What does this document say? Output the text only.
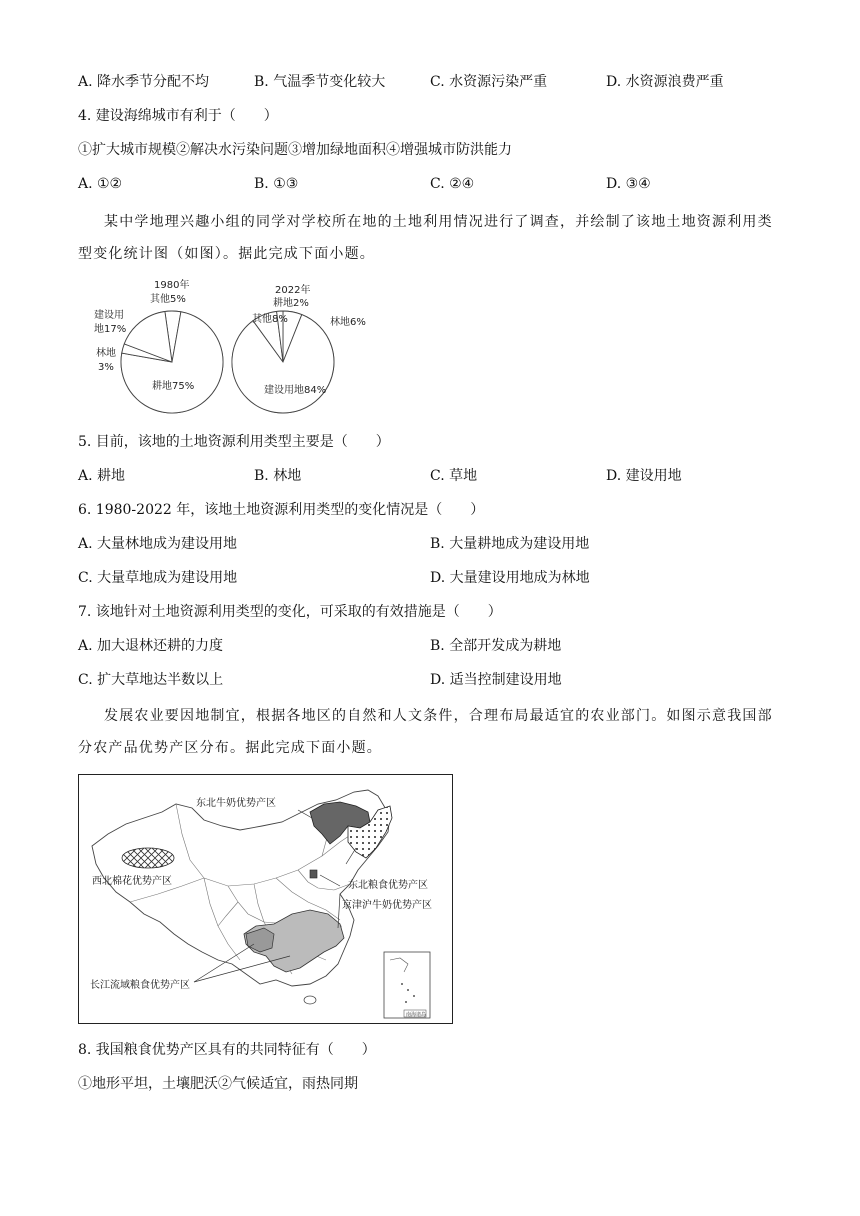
A. 降水季节分配不均	B. 气温季节变化较大	C. 水资源污染严重	D. 水资源浪费严重
4. 建设海绵城市有利于（　　）
①扩大城市规模②解决水污染问题③增加绿地面积④增强城市防洪能力
A. ①②	B. ①③	C. ②④	D. ③④
某中学地理兴趣小组的同学对学校所在地的土地利用情况进行了调查，并绘制了该地土地资源利用类型变化统计图（如图）。据此完成下面小题。
1980年
其他5%
建设用
地17%
林地
3%
耕地75%
2022年
耕地2%
其他8%	林地6%
建设用地84%
5. 目前，该地的土地资源利用类型主要是（　　）
A. 耕地	B. 林地	C. 草地	D. 建设用地
6. 1980-2022 年，该地土地资源利用类型的变化情况是（　　）
A. 大量林地成为建设用地	B. 大量耕地成为建设用地
C. 大量草地成为建设用地	D. 大量建设用地成为林地
7. 该地针对土地资源利用类型的变化，可采取的有效措施是（　　）
A. 加大退林还耕的力度	B. 全部开发成为耕地
C. 扩大草地达半数以上	D. 适当控制建设用地
发展农业要因地制宜，根据各地区的自然和人文条件，合理布局最适宜的农业部门。如图示意我国部分农产品优势产区分布。据此完成下面小题。
东北牛奶优势产区
西北棉花优势产区	东北粮食优势产区
京津沪牛奶优势产区
长江流域粮食优势产区
南海诸岛
8. 我国粮食优势产区具有的共同特征有（　　）
①地形平坦，土壤肥沃②气候适宜，雨热同期
